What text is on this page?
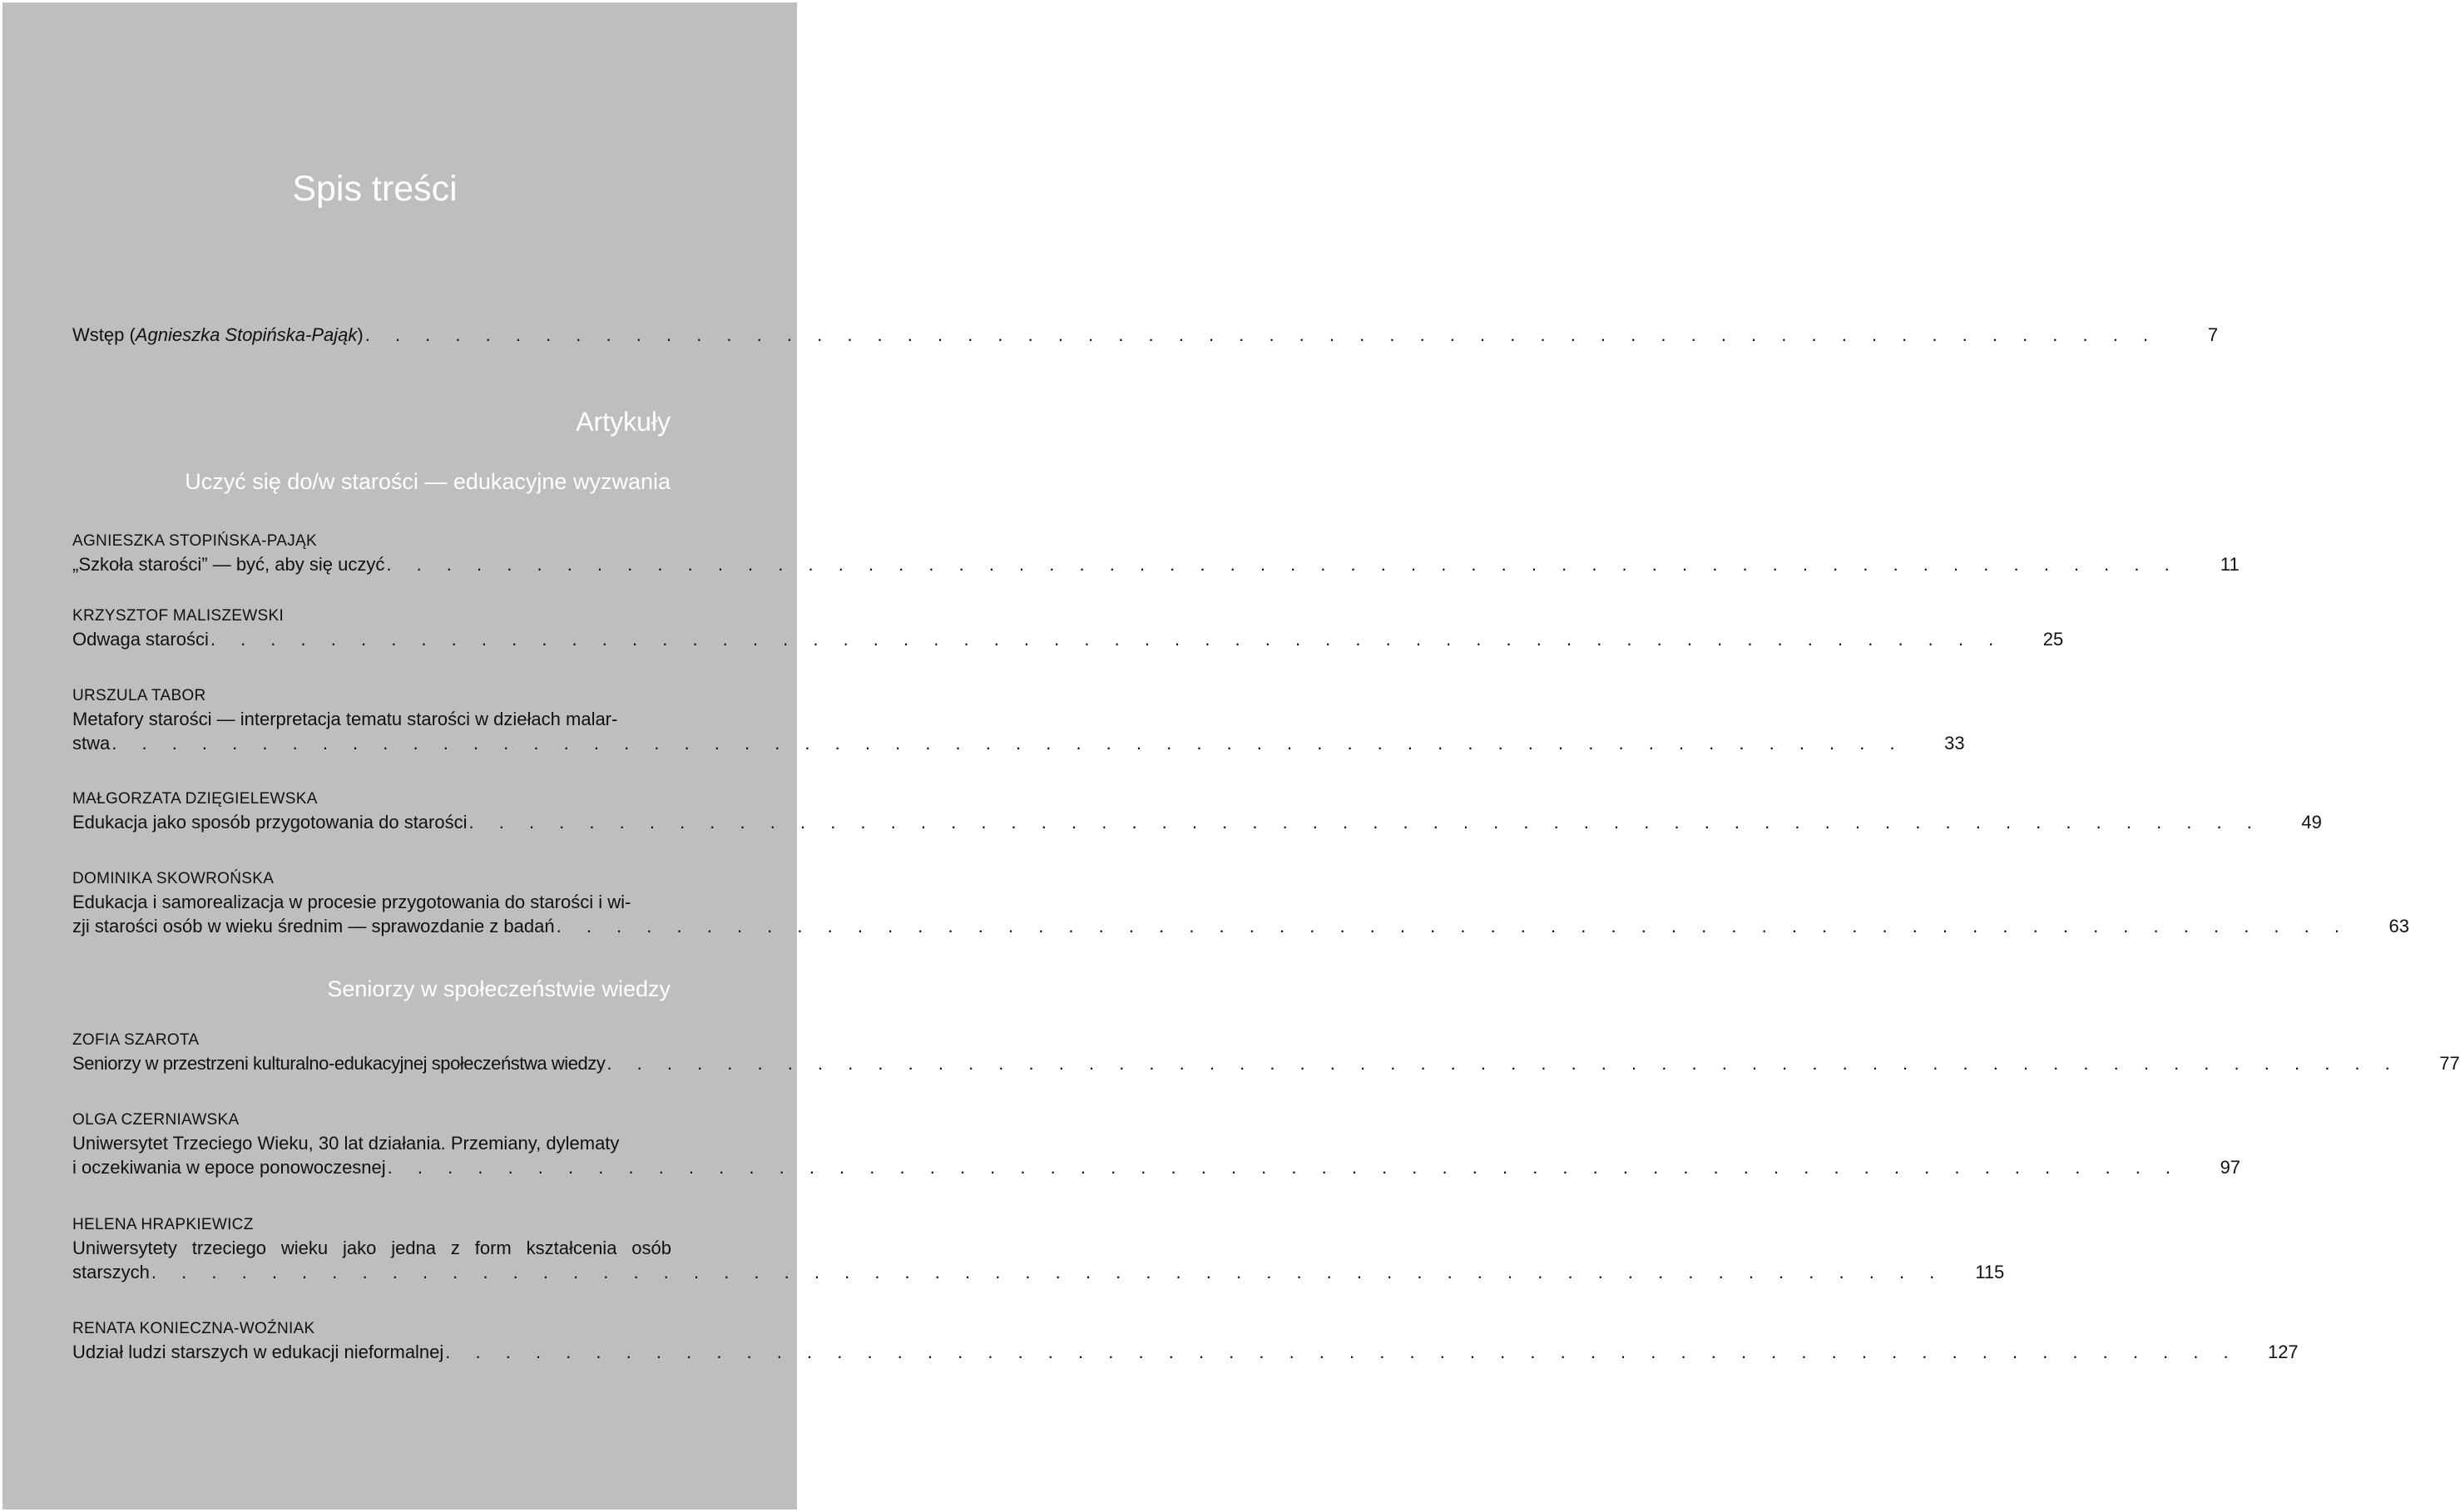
Spis treści
Wstęp (Agnieszka Stopińska-Pająk) . . . . . . . . . . . . . . . . . . . . . . . . . . . . . . . . . . . . . . . . . . . . . . . . . . . . . . . . . . . .	7
Artykuły
Uczyć się do/w starości — edukacyjne wyzwania
AGNIESZKA STOPIŃSKA-PAJĄK
„Szkoła starości” — być, aby się uczyć . . . . . . . . . . . . . . . . . . . . . . . . . . . . . . . . . . . . . . . . . . . . . . . . . . . . . . . . . . . .	11
KRZYSZTOF MALISZEWSKI
Odwaga starości . . . . . . . . . . . . . . . . . . . . . . . . . . . . . . . . . . . . . . . . . . . . . . . . . . . . . . . . . . . .	25
URSZULA TABOR
Metafory starości — interpretacja tematu starości w dziełach malar-
stwa . . . . . . . . . . . . . . . . . . . . . . . . . . . . . . . . . . . . . . . . . . . . . . . . . . . . . . . . . . . .	33
MAŁGORZATA DZIĘGIELEWSKA
Edukacja jako sposób przygotowania do starości . . . . . . . . . . . . . . . . . . . . . . . . . . . . . . . . . . . . . . . . . . . . . . . . . . . . . . . . . . . .	49
DOMINIKA SKOWROŃSKA
Edukacja i samorealizacja w procesie przygotowania do starości i wi-
zji starości osób w wieku średnim — sprawozdanie z badań . . . . . . . . . . . . . . . . . . . . . . . . . . . . . . . . . . . . . . . . . . . . . . . . . . . . . . . . . . . .	63
Seniorzy w społeczeństwie wiedzy
ZOFIA SZAROTA
Seniorzy w przestrzeni kulturalno-edukacyjnej społeczeństwa wiedzy . . . . . . . . . . . . . . . . . . . . . . . . . . . . . . . . . . . . . . . . . . . . . . . . . . . . . . . . . . . .	77
OLGA CZERNIAWSKA
Uniwersytet Trzeciego Wieku, 30 lat działania. Przemiany, dylematy
i oczekiwania w epoce ponowoczesnej . . . . . . . . . . . . . . . . . . . . . . . . . . . . . . . . . . . . . . . . . . . . . . . . . . . . . . . . . . . .	97
HELENA HRAPKIEWICZ
Uniwersytety trzeciego wieku jako jedna z form kształcenia osób
starszych . . . . . . . . . . . . . . . . . . . . . . . . . . . . . . . . . . . . . . . . . . . . . . . . . . . . . . . . . . . .	115
RENATA KONIECZNA-WOŹNIAK
Udział ludzi starszych w edukacji nieformalnej . . . . . . . . . . . . . . . . . . . . . . . . . . . . . . . . . . . . . . . . . . . . . . . . . . . . . . . . . . . .	127
